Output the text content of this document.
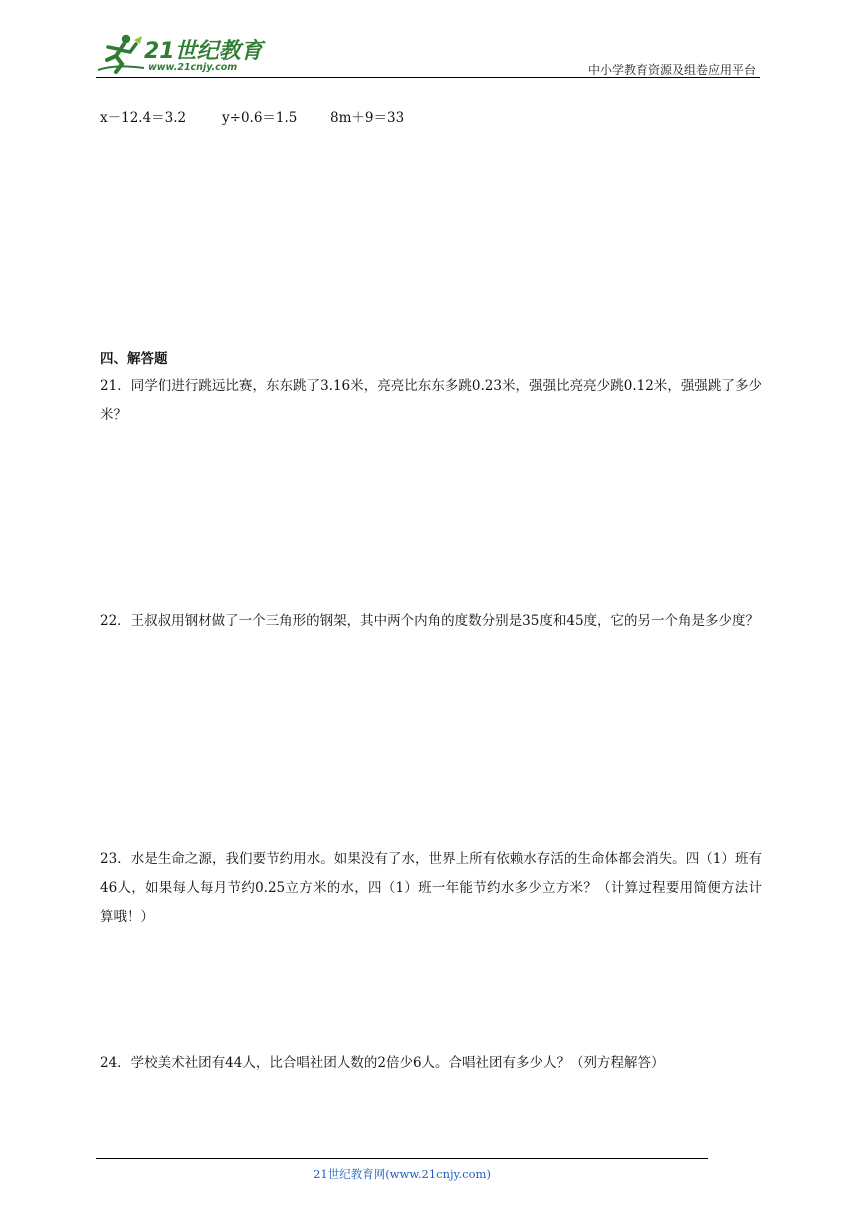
21世纪教育
www.21cnjy.com	中小学教育资源及组卷应用平台
x－12.4＝3.2	y÷0.6＝1.5 8m＋9＝33
四、解答题
21．同学们进行跳远比赛，东东跳了3.16米，亮亮比东东多跳0.23米，强强比亮亮少跳0.12米，强强跳了多少米？
22．王叔叔用钢材做了一个三角形的钢架，其中两个内角的度数分别是35度和45度，它的另一个角是多少度？
23．水是生命之源，我们要节约用水。如果没有了水，世界上所有依赖水存活的生命体都会消失。四（1）班有46人，如果每人每月节约0.25立方米的水，四（1）班一年能节约水多少立方米？（计算过程要用简便方法计算哦！）
24．学校美术社团有44人，比合唱社团人数的2倍少6人。合唱社团有多少人？（列方程解答）
21世纪教育网(www.21cnjy.com)
